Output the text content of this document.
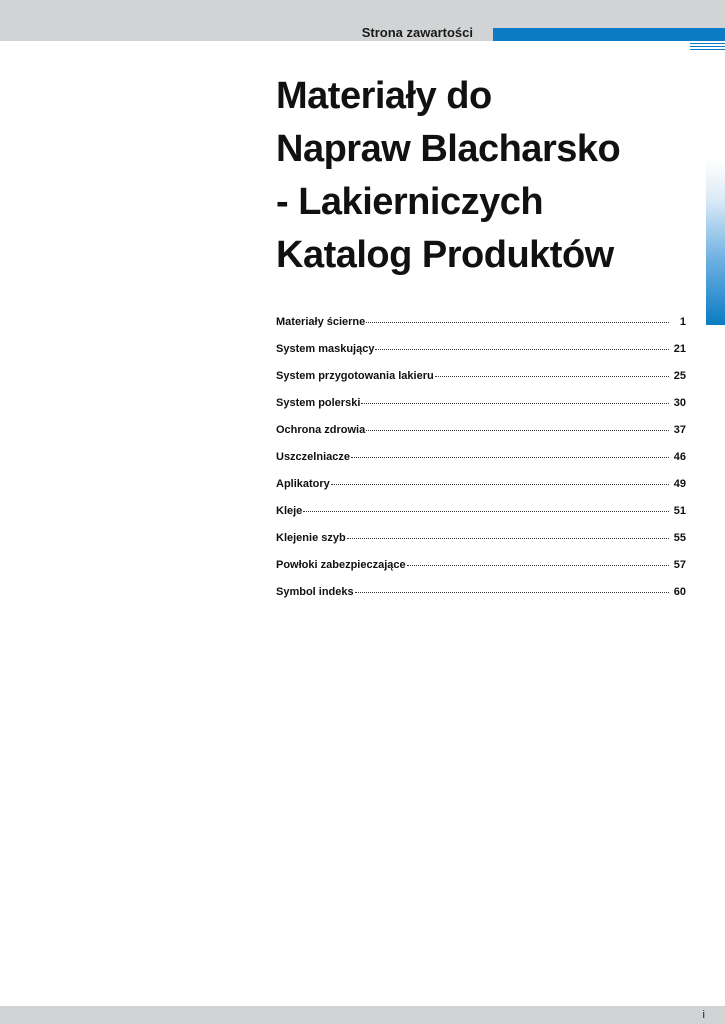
Strona zawartości
Materiały do
Napraw Blacharsko
- Lakierniczych
Katalog Produktów
Materiały ścierne	1
System maskujący	21
System przygotowania lakieru	25
System polerski	30
Ochrona zdrowia	37
Uszczelniacze	46
Aplikatory	49
Kleje	51
Klejenie szyb	55
Powłoki zabezpieczające	57
Symbol indeks	60
i
